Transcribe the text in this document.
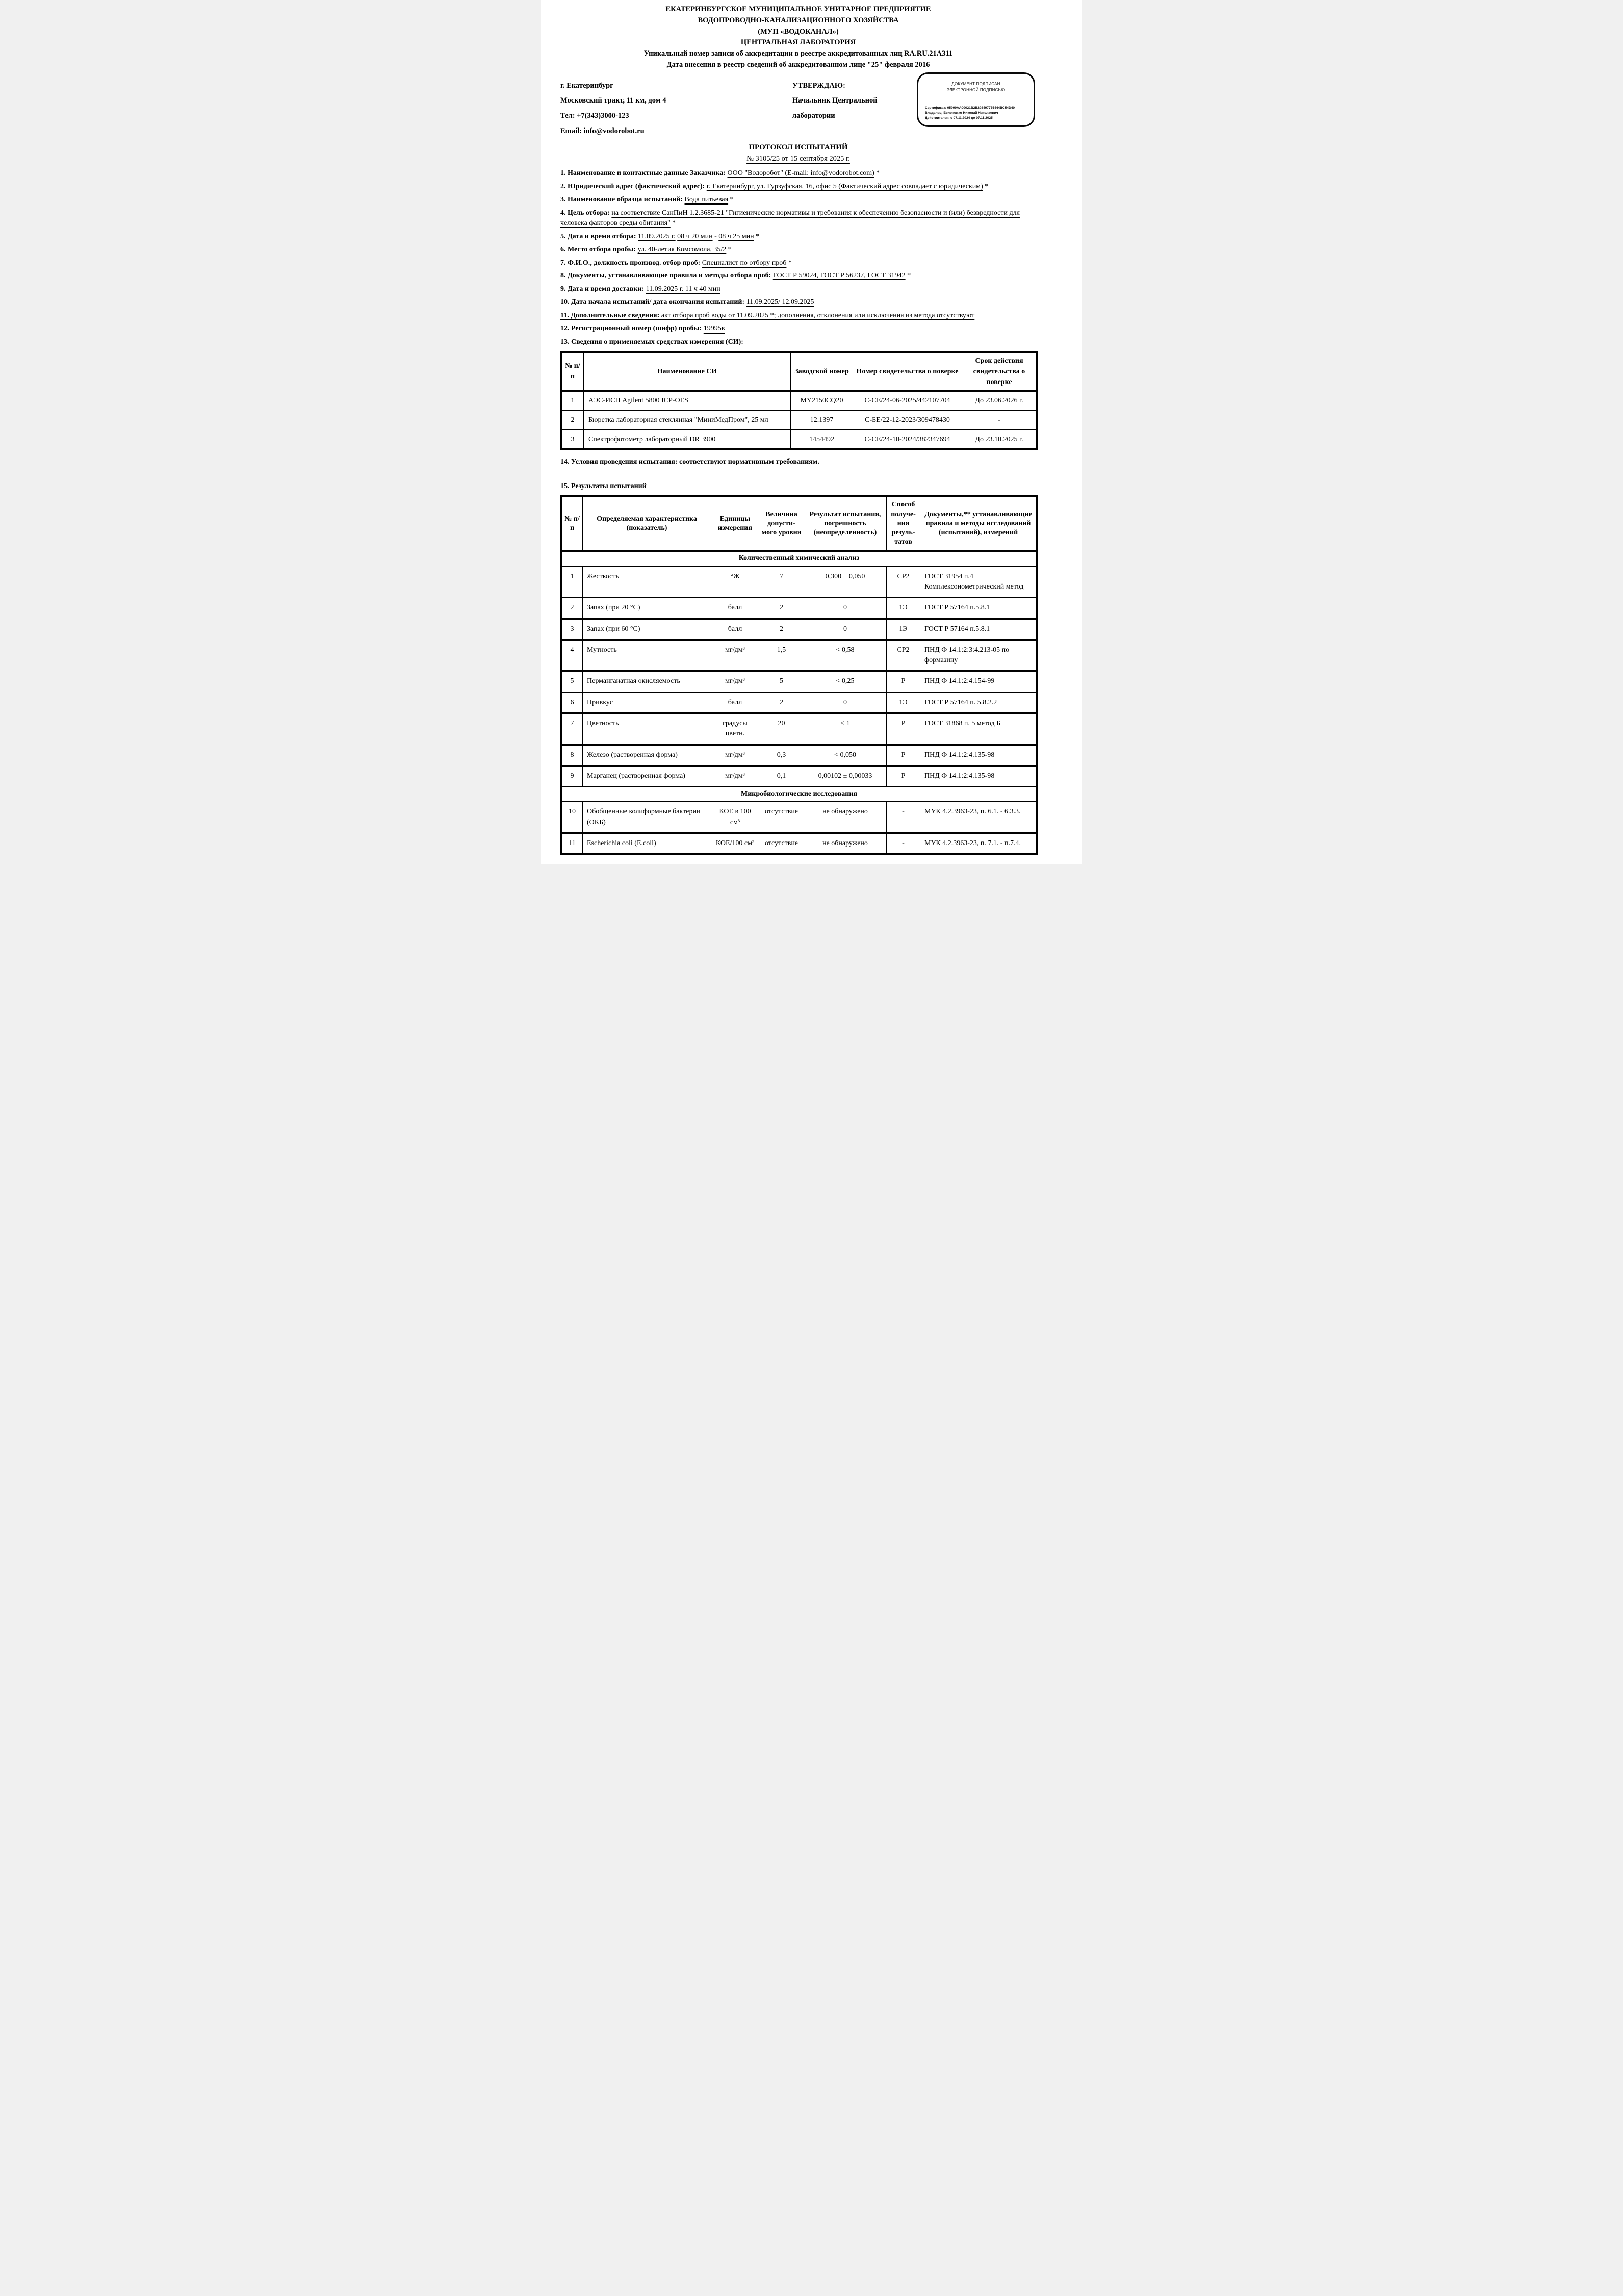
ЕКАТЕРИНБУРГСКОЕ МУНИЦИПАЛЬНОЕ УНИТАРНОЕ ПРЕДПРИЯТИЕ
ВОДОПРОВОДНО-КАНАЛИЗАЦИОННОГО ХОЗЯЙСТВА
(МУП «ВОДОКАНАЛ»)
ЦЕНТРАЛЬНАЯ ЛАБОРАТОРИЯ
Уникальный номер записи об аккредитации в реестре аккредитованных лиц RA.RU.21АЗ11
Дата внесения в реестр сведений об аккредитованном лице "25" февраля 2016
г. Екатеринбург
Московский тракт, 11 км, дом 4
Тел: +7(343)3000-123
Email: info@vodorobot.ru
УТВЕРЖДАЮ:
Начальник Центральной
лаборатории
ДОКУМЕНТ ПОДПИСАН
ЭЛЕКТРОННОЙ ПОДПИСЬЮ
Сертификат: 05999AA00021B2B298497755444BC54D40
Владелец: Белоножко Николай Николаевич
Действителен: с 07.11.2024 до 07.11.2025
ПРОТОКОЛ ИСПЫТАНИЙ
№ 3105/25 от 15 сентября 2025 г.

1. Наименование и контактные данные Заказчика: ООО "Водоробот" (E-mail: info@vodorobot.com) *

2. Юридический адрес (фактический адрес): г. Екатеринбург, ул. Гурзуфская, 16, офис 5 (Фактический адрес совпадает с юридическим) *

3. Наименование образца испытаний: Вода питьевая *

4. Цель отбора: на соответствие СанПиН 1.2.3685-21 "Гигиенические нормативы и требования к обеспечению безопасности и (или) безвредности для человека факторов среды обитания" *

5. Дата и время отбора: 11.09.2025 г. 08 ч 20 мин - 08 ч 25 мин *

6. Место отбора пробы: ул. 40-летия Комсомола, 35/2 *

7. Ф.И.О., должность производ. отбор проб: Специалист по отбору проб *

8. Документы, устанавливающие правила и методы отбора проб: ГОСТ Р 59024, ГОСТ Р 56237, ГОСТ 31942 *

9. Дата и время доставки: 11.09.2025 г. 11 ч 40 мин

10. Дата начала испытаний/ дата окончания испытаний: 11.09.2025/ 12.09.2025

11. Дополнительные сведения: акт отбора проб воды от 11.09.2025 *; дополнения, отклонения или исключения из метода отсутствуют

12. Регистрационный номер (шифр) пробы: 19995в

13. Сведения о применяемых средствах измерения (СИ):

№ п/п	Наименование СИ	Заводской номер	Номер свидетельства о поверке	Срок действия свидетельства о поверке
1	АЭС-ИСП Agilent 5800 ICP-OES	MY2150CQ20	С-СЕ/24-06-2025/442107704	До 23.06.2026 г.
2	Бюретка лабораторная стеклянная "МиниМедПром", 25 мл	12.1397	С-БЕ/22-12-2023/309478430	-
3	Спектрофотометр лабораторный DR 3900	1454492	С-СЕ/24-10-2024/382347694	До 23.10.2025 г.

14. Условия проведения испытания: соответствуют нормативным требованиям.

15. Результаты испытаний

№ п/п	Определяемая характеристика (показатель)	Единицы измерения	Величина допусти-мого уровня	Результат испытания, погрешность (неопределенность)	Способ получе-ния резуль-татов	Документы,** устанавливающие правила и методы исследований (испытаний), измерений
Количественный химический анализ						
1	Жесткость	°Ж	7	0,300 ± 0,050	СР2	ГОСТ 31954 п.4 Комплексонометрический метод
2	Запах (при 20 °С)	балл	2	0	1Э	ГОСТ Р 57164 п.5.8.1
3	Запах (при 60 °С)	балл	2	0	1Э	ГОСТ Р 57164 п.5.8.1
4	Мутность	мг/дм³	1,5	< 0,58	СР2	ПНД Ф 14.1:2:3:4.213-05 по формазину
5	Перманганатная окисляемость	мг/дм³	5	< 0,25	Р	ПНД Ф 14.1:2:4.154-99
6	Привкус	балл	2	0	1Э	ГОСТ Р 57164 п. 5.8.2.2
7	Цветность	градусы цветн.	20	< 1	Р	ГОСТ 31868 п. 5 метод Б
8	Железо (растворенная форма)	мг/дм³	0,3	< 0,050	Р	ПНД Ф 14.1:2:4.135-98
9	Марганец (растворенная форма)	мг/дм³	0,1	0,00102 ± 0,00033	Р	ПНД Ф 14.1:2:4.135-98
Микробиологические исследования						
10	Обобщенные колиформные бактерии (ОКБ)	КОЕ в 100 см³	отсутствие	не обнаружено	-	МУК 4.2.3963-23, п. 6.1. - 6.3.3.
11	Escherichia coli (E.coli)	КОЕ/100 см³	отсутствие	не обнаружено	-	МУК 4.2.3963-23, п. 7.1. - п.7.4.
